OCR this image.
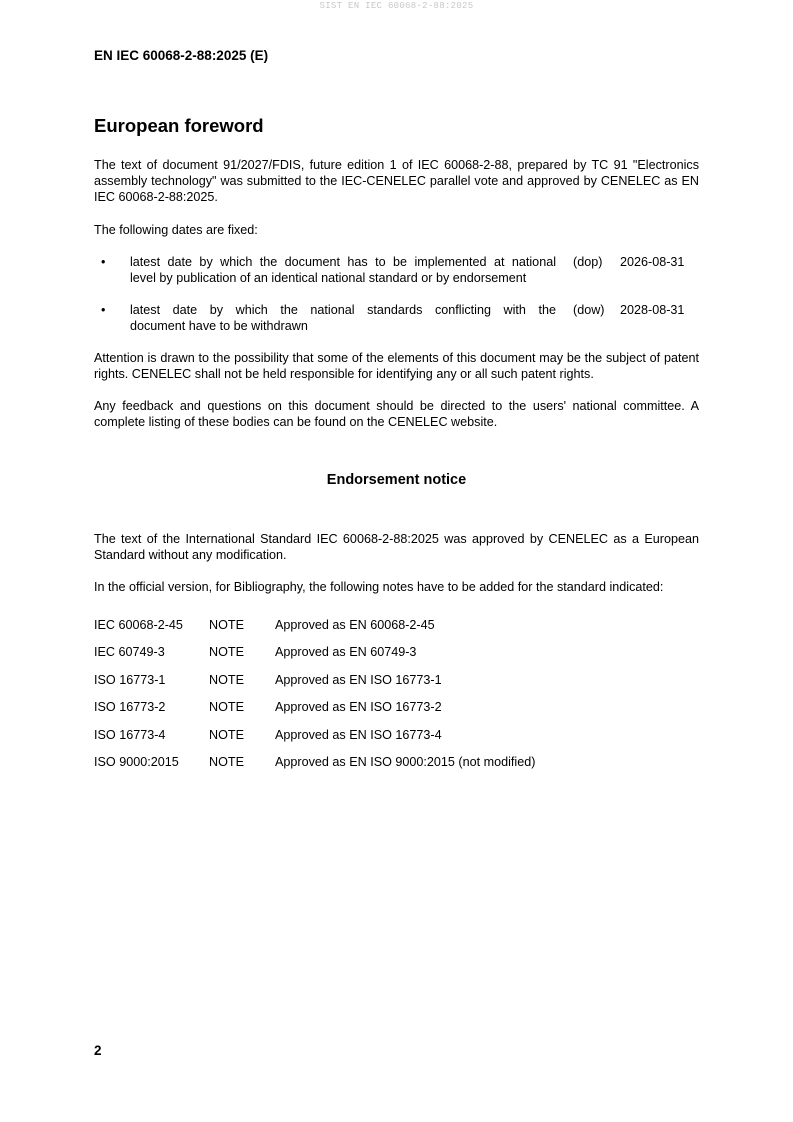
SIST EN IEC 60068-2-88:2025
EN IEC 60068-2-88:2025 (E)
European foreword
The text of document 91/2027/FDIS, future edition 1 of IEC 60068-2-88, prepared by TC 91 "Electronics assembly technology" was submitted to the IEC-CENELEC parallel vote and approved by CENELEC as EN IEC 60068-2-88:2025.
The following dates are fixed:
• latest date by which the document has to be implemented at national
level by publication of an identical national standard or by endorsement
(dop) 2026-08-31
• latest date by which the national standards conflicting with the
document have to be withdrawn
(dow) 2028-08-31
Attention is drawn to the possibility that some of the elements of this document may be the subject of patent rights. CENELEC shall not be held responsible for identifying any or all such patent rights.
Any feedback and questions on this document should be directed to the users' national committee. A complete listing of these bodies can be found on the CENELEC website.
Endorsement notice
The text of the International Standard IEC 60068-2-88:2025 was approved by CENELEC as a European Standard without any modification.
In the official version, for Bibliography, the following notes have to be added for the standard indicated:
IEC 60068-2-45 NOTE Approved as EN 60068-2-45
IEC 60749-3	NOTE Approved as EN 60749-3
ISO 16773-1	NOTE Approved as EN ISO 16773-1
ISO 16773-2	NOTE Approved as EN ISO 16773-2
ISO 16773-4	NOTE Approved as EN ISO 16773-4
ISO 9000:2015 NOTE Approved as EN ISO 9000:2015 (not modified)
2
